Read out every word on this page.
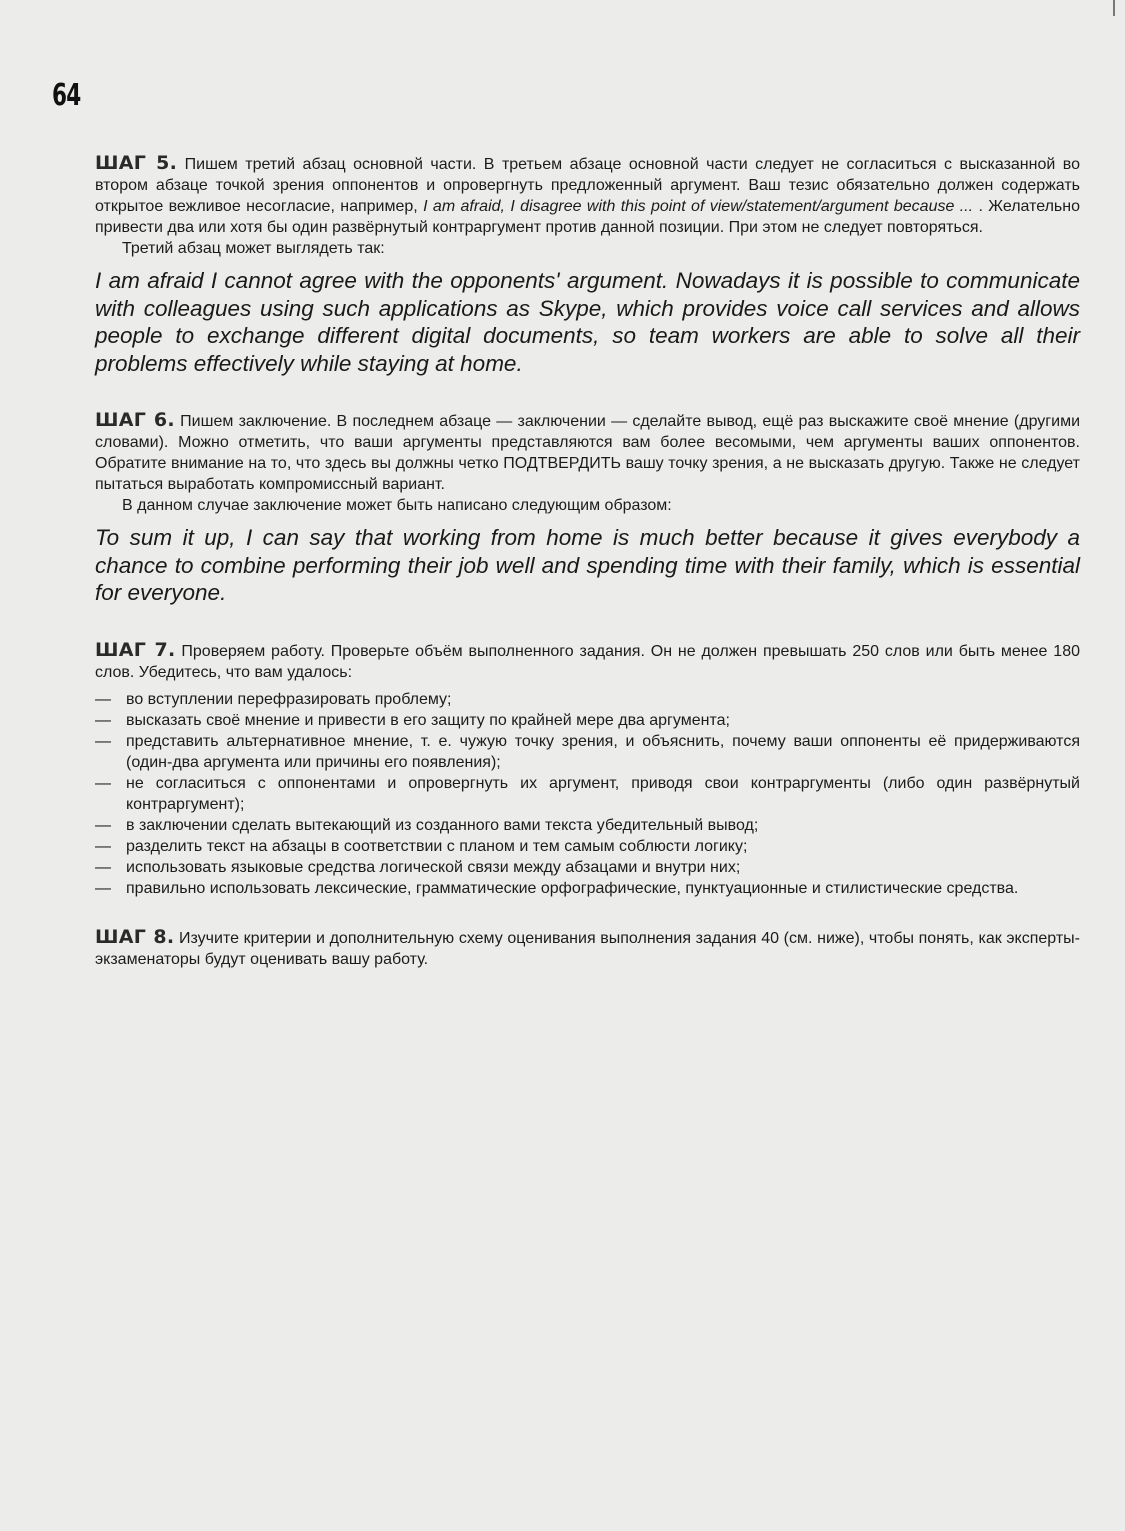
64

ШАГ 5. Пишем третий абзац основной части. В третьем абзаце основной части следует не согласиться с высказанной во втором абзаце точкой зрения оппонентов и опровергнуть предложенный аргумент. Ваш тезис обязательно должен содержать открытое вежливое несогласие, например, I am afraid, I disagree with this point of view/statement/argument because ... . Желательно привести два или хотя бы один развёрнутый контраргумент против данной позиции. При этом не следует повторяться.

Третий абзац может выглядеть так:

I am afraid I cannot agree with the opponents' argument. Nowadays it is possible to communicate with colleagues using such applications as Skype, which provides voice call services and allows people to exchange different digital documents, so team workers are able to solve all their problems effectively while staying at home.

ШАГ 6. Пишем заключение. В последнем абзаце — заключении — сделайте вывод, ещё раз выскажите своё мнение (другими словами). Можно отметить, что ваши аргументы представляются вам более весомыми, чем аргументы ваших оппонентов. Обратите внимание на то, что здесь вы должны четко ПОДТВЕРДИТЬ вашу точку зрения, а не высказать другую. Также не следует пытаться выработать компромиссный вариант.

В данном случае заключение может быть написано следующим образом:

To sum it up, I can say that working from home is much better because it gives everybody a chance to combine performing their job well and spending time with their family, which is essential for everyone.

ШАГ 7. Проверяем работу. Проверьте объём выполненного задания. Он не должен превышать 250 слов или быть менее 180 слов. Убедитесь, что вам удалось:

— во вступлении перефразировать проблему;
— высказать своё мнение и привести в его защиту по крайней мере два аргумента;
— представить альтернативное мнение, т. е. чужую точку зрения, и объяснить, почему ваши оппоненты её придерживаются (один-два аргумента или причины его появления);
— не согласиться с оппонентами и опровергнуть их аргумент, приводя свои контраргументы (либо один развёрнутый контраргумент);
— в заключении сделать вытекающий из созданного вами текста убедительный вывод;
— разделить текст на абзацы в соответствии с планом и тем самым соблюсти логику;
— использовать языковые средства логической связи между абзацами и внутри них;
— правильно использовать лексические, грамматические орфографические, пунктуационные и стилистические средства.

ШАГ 8. Изучите критерии и дополнительную схему оценивания выполнения задания 40 (см. ниже), чтобы понять, как эксперты-экзаменаторы будут оценивать вашу работу.
